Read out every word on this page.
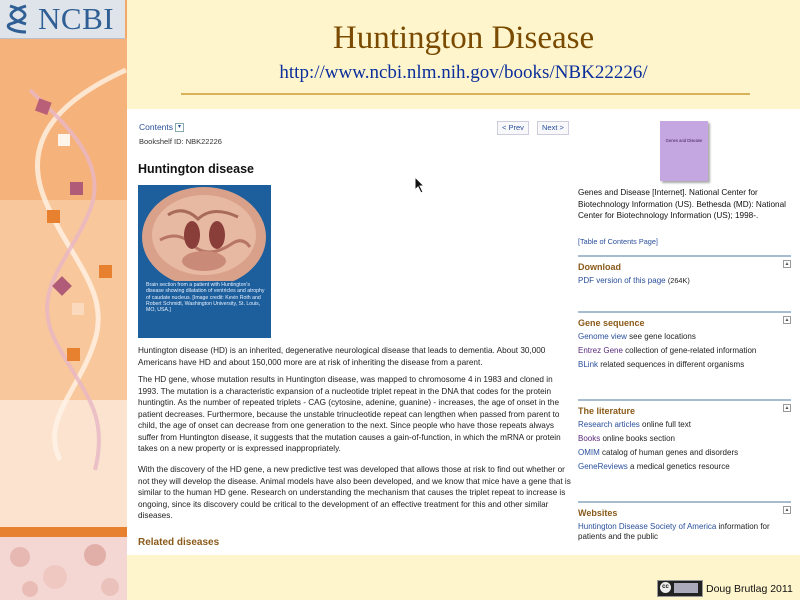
NCBI
Huntington Disease
http://www.ncbi.nlm.nih.gov/books/NBK22226/
Contents ▾
Bookshelf ID: NBK22226
< Prev	Next >
Huntington disease
Brain section from a patient with Huntington's disease showing dilatation of ventricles and atrophy of caudate nucleus. [Image credit: Kevin Roth and Robert Schmidt, Washington University, St. Louis, MO, USA.]
Huntington disease (HD) is an inherited, degenerative neurological disease that leads to dementia. About 30,000 Americans have HD and about 150,000 more are at risk of inheriting the disease from a parent.
The HD gene, whose mutation results in Huntington disease, was mapped to chromosome 4 in 1983 and cloned in 1993. The mutation is a characteristic expansion of a nucleotide triplet repeat in the DNA that codes for the protein huntingtin. As the number of repeated triplets - CAG (cytosine, adenine, guanine) - increases, the age of onset in the patient decreases. Furthermore, because the unstable trinucleotide repeat can lengthen when passed from parent to child, the age of onset can decrease from one generation to the next. Since people who have those repeats always suffer from Huntington disease, it suggests that the mutation causes a gain-of-function, in which the mRNA or protein takes on a new property or is expressed inappropriately.
With the discovery of the HD gene, a new predictive test was developed that allows those at risk to find out whether or not they will develop the disease. Animal models have also been developed, and we know that mice have a gene that is similar to the human HD gene. Research on understanding the mechanism that causes the triplet repeat to increase is ongoing, since its discovery could be critical to the development of an effective treatment for this and other similar diseases.
Related diseases
Genes and Disease
Genes and Disease [Internet]. National Center for Biotechnology Information (US). Bethesda (MD): National Center for Biotechnology Information (US); 1998-.
[Table of Contents Page]
Download	▲
PDF version of this page (264K)
Gene sequence	▲
Genome view see gene locations
Entrez Gene collection of gene-related information
BLink related sequences in different organisms
The literature	▲
Research articles online full text
Books online books section
OMIM catalog of human genes and disorders
GeneReviews a medical genetics resource
Websites	▲
Huntington Disease Society of America information for patients and the public
cc	Doug Brutlag 2011
